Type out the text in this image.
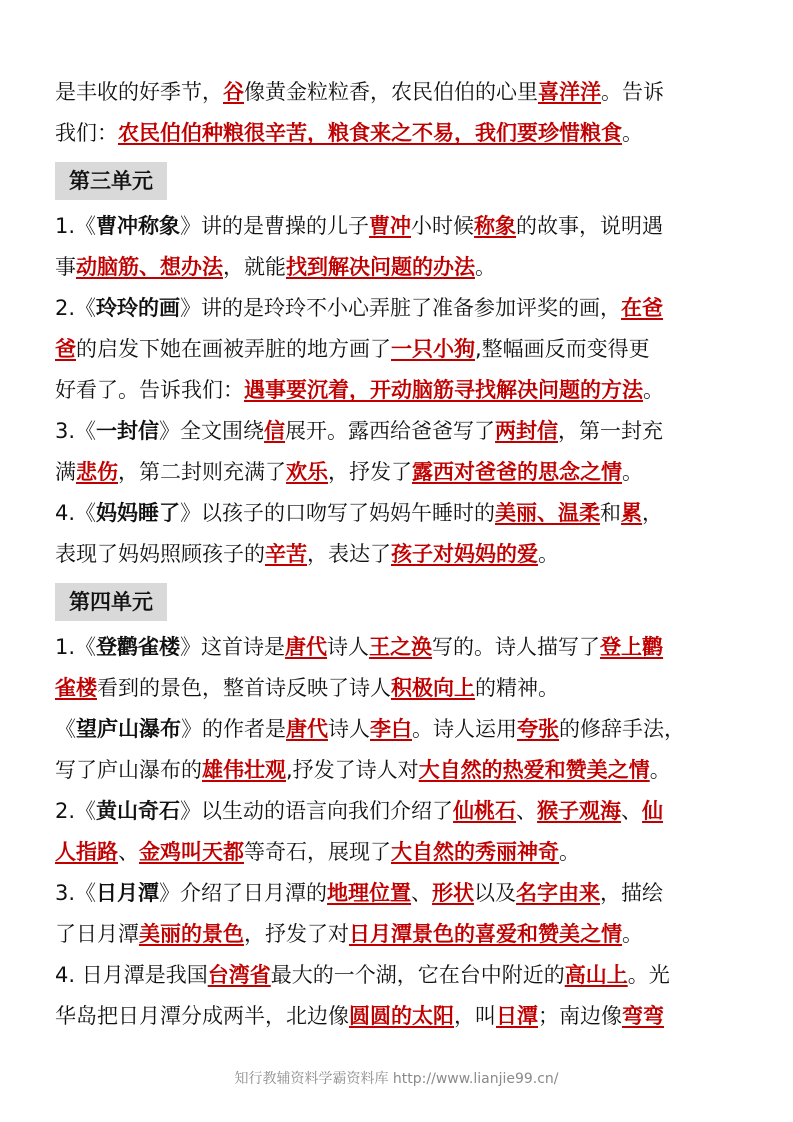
是丰收的好季节，谷像黄金粒粒香，农民伯伯的心里喜洋洋。告诉
我们：农民伯伯种粮很辛苦，粮食来之不易，我们要珍惜粮食。
第三单元
1.《曹冲称象》讲的是曹操的儿子曹冲小时候称象的故事，说明遇
事动脑筋、想办法，就能找到解决问题的办法。
2.《玲玲的画》讲的是玲玲不小心弄脏了准备参加评奖的画，在爸
爸的启发下她在画被弄脏的地方画了一只小狗,整幅画反而变得更
好看了。告诉我们：遇事要沉着，开动脑筋寻找解决问题的方法。
3.《一封信》全文围绕信展开。露西给爸爸写了两封信，第一封充
满悲伤，第二封则充满了欢乐，抒发了露西对爸爸的思念之情。
4.《妈妈睡了》以孩子的口吻写了妈妈午睡时的美丽、温柔和累，
表现了妈妈照顾孩子的辛苦，表达了孩子对妈妈的爱。
第四单元
1.《登鹳雀楼》这首诗是唐代诗人王之涣写的。诗人描写了登上鹳
雀楼看到的景色，整首诗反映了诗人积极向上的精神。
《望庐山瀑布》的作者是唐代诗人李白。诗人运用夸张的修辞手法，
写了庐山瀑布的雄伟壮观,抒发了诗人对大自然的热爱和赞美之情。
2.《黄山奇石》以生动的语言向我们介绍了仙桃石、猴子观海、仙
人指路、金鸡叫天都等奇石，展现了大自然的秀丽神奇。
3.《日月潭》介绍了日月潭的地理位置、形状以及名字由来，描绘
了日月潭美丽的景色，抒发了对日月潭景色的喜爱和赞美之情。
4. 日月潭是我国台湾省最大的一个湖，它在台中附近的高山上。光
华岛把日月潭分成两半，北边像圆圆的太阳，叫日潭；南边像弯弯
知行教辅资料学霸资料库 http://www.lianjie99.cn/
